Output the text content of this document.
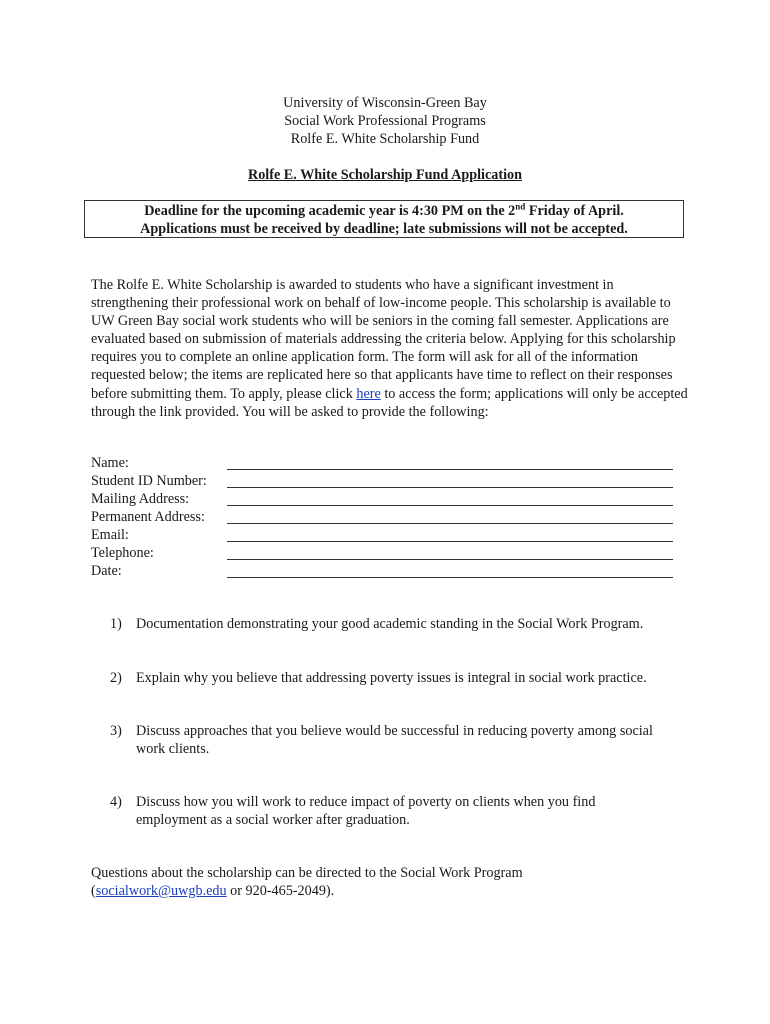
University of Wisconsin-Green Bay
Social Work Professional Programs
Rolfe E. White Scholarship Fund
Rolfe E. White Scholarship Fund Application
Deadline for the upcoming academic year is 4:30 PM on the 2nd Friday of April.
Applications must be received by deadline; late submissions will not be accepted.

The Rolfe E. White Scholarship is awarded to students who have a significant investment in strengthening their professional work on behalf of low-income people. This scholarship is available to UW Green Bay social work students who will be seniors in the coming fall semester. Applications are evaluated based on submission of materials addressing the criteria below. Applying for this scholarship requires you to complete an online application form. The form will ask for all of the information requested below; the items are replicated here so that applicants have time to reflect on their responses before submitting them. To apply, please click here to access the form; applications will only be accepted through the link provided. You will be asked to provide the following:

Name:
Student ID Number:
Mailing Address:
Permanent Address:
Email:
Telephone:
Date:
1) Documentation demonstrating your good academic standing in the Social Work Program.
2) Explain why you believe that addressing poverty issues is integral in social work practice.
3) Discuss approaches that you believe would be successful in reducing poverty among social work clients.
4) Discuss how you will work to reduce impact of poverty on clients when you find employment as a social worker after graduation.
Questions about the scholarship can be directed to the Social Work Program
(socialwork@uwgb.edu or 920-465-2049).
